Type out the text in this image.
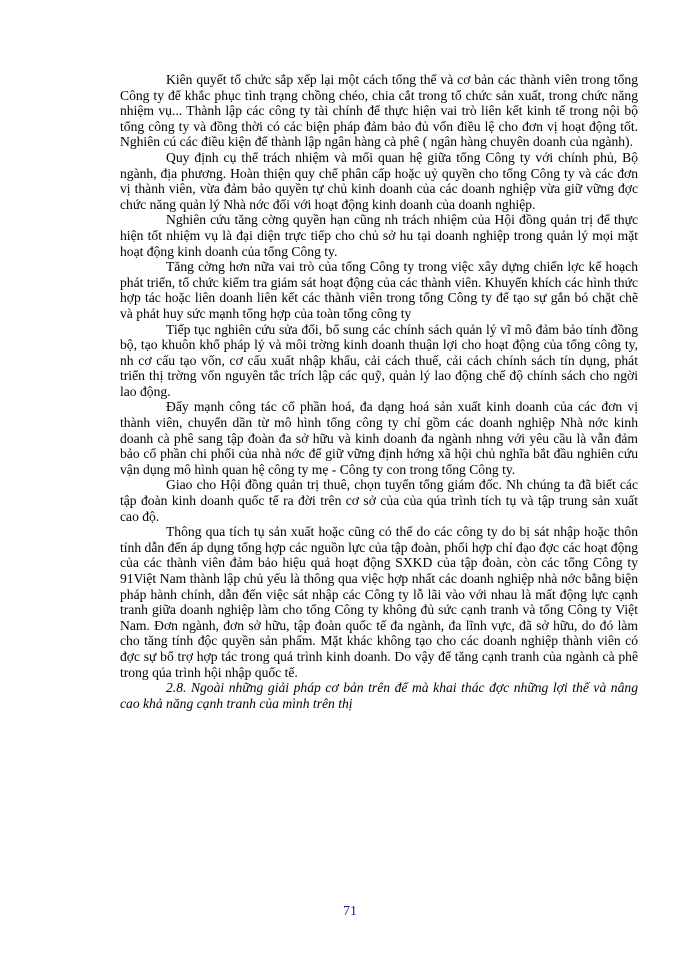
Kiên quyết tổ chức sắp xếp lại một cách tổng thể và cơ bản các thành viên trong tổng Công ty để khắc phục tình trạng chồng chéo, chia cắt trong tổ chức sản xuất, trong chức năng nhiệm vụ... Thành lập các công ty tài chính để thực hiện vai trò liên kết kinh tế trong nội bộ tổng công ty và đồng thời có các biện pháp đảm bảo đủ vốn điều lệ cho đơn vị hoạt động tốt. Nghiên cú các điều kiện để thành lập ngân hàng cà phê ( ngân hàng chuyên doanh của ngành).

Quy định cụ thể trách nhiệm và mối quan hệ giữa tổng Công ty với chính phủ, Bộ ngành, địa phương. Hoàn thiện quy chế phân cấp hoặc uỷ quyền cho tổng Công ty và các đơn vị thành viên, vừa đảm bảo quyền tự chủ kinh doanh của các doanh nghiệp vừa giữ vững đợc chức năng quản lý Nhà nớc đối với hoạt động kinh doanh của doanh nghiệp.

Nghiên cứu tăng cờng quyền hạn cũng nh trách nhiệm của Hội đồng quản trị để thực hiện tốt nhiệm vụ là đại diện trực tiếp cho chủ sở hu tại doanh nghiệp trong quản lý mọi mặt hoạt động kinh doanh của tổng Công ty.

Tăng cờng hơn nữa vai trò của tổng Công ty trong việc xây dựng chiến lợc kế hoạch phát triển, tổ chức kiểm tra giám sát hoạt động của các thành viên. Khuyến khích các hình thức hợp tác hoặc liên doanh liên kết các thành viên trong tổng Công ty để tạo sự gắn bó chặt chẽ và phát huy sức mạnh tổng hợp của toàn tổng công ty

Tiếp tục nghiên cứu sửa đổi, bổ sung các chính sách quản lý vĩ mô đảm bảo tính đồng bộ, tạo khuôn khổ pháp lý và môi trờng kinh doanh thuận lợi cho hoạt động của tổng công ty, nh cơ cấu tạo vốn, cơ cấu xuất nhập khẩu, cải cách thuế, cải cách chính sách tín dụng, phát triển thị trờng vốn nguyên tắc trích lập các quỹ, quản lý lao động chế độ chính sách cho ngời lao động.

Đẩy mạnh công tác cổ phần hoá, đa dạng hoá sản xuất kinh doanh của các đơn vị thành viên, chuyển dần từ mô hình tổng công ty chỉ gồm các doanh nghiệp Nhà nớc kinh doanh cà phê sang tập đoàn đa sở hữu và kinh doanh đa ngành nhng với yêu cầu là vẫn đảm bảo cổ phần chi phối của nhà nớc để giữ vững định hớng xã hội chủ nghĩa bắt đầu nghiên cứu vận dụng mô hình quan hệ công ty mẹ - Công ty con trong tổng Công ty.

Giao cho Hội đồng quản trị thuê, chọn tuyển tổng giám đốc. Nh chúng ta đã biết các tập đoàn kinh doanh quốc tế ra đời trên cơ sở của của qúa trình tích tụ và tập trung sản xuất cao độ.

Thông qua tích tụ sản xuất hoặc cũng có thể do các công ty do bị sát nhập hoặc thôn tính dẫn đến áp dụng tổng hợp các nguồn lực của tập đoàn, phối hợp chỉ đạo đợc các hoạt động của các thành viên đảm bảo hiệu quả hoạt động SXKD của tập đoàn, còn các tổng Công ty 91Việt Nam thành lập chủ yếu là thông qua việc hợp nhất các doanh nghiệp nhà nớc bằng biện pháp hành chính, dẫn đến việc sát nhập các Công ty lỗ lãi vào với nhau là mất động lực cạnh tranh giữa doanh nghiệp làm cho tổng Công ty không đủ sức cạnh tranh và tổng Công ty Việt Nam. Đơn ngành, đơn sở hữu, tập đoàn quốc tế đa ngành, đa lĩnh vực, đã sở hữu, do đó làm cho tăng tính độc quyền sản phẩm. Mặt khác không tạo cho các doanh nghiệp thành viên có đợc sự bổ trợ hợp tác trong quá trình kinh doanh. Do vậy để tăng cạnh tranh của ngành cà phê trong qúa trình hội nhập quốc tế.

2.8. Ngoài những giải pháp cơ bản trên để mà khai thác đợc những lợi thế và nâng cao khả năng cạnh tranh của mình trên thị

71
